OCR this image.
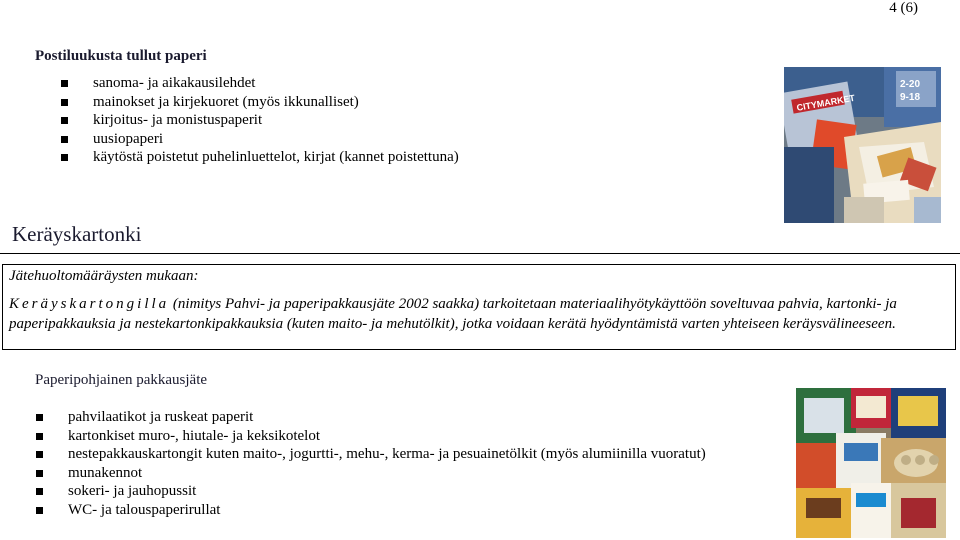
4 (6)
Postiluukusta tullut paperi
sanoma- ja aikakausilehdet
mainokset ja kirjekuoret (myös ikkunalliset)
kirjoitus- ja monistuspaperit
uusiopaperi
käytöstä poistetut puhelinluettelot, kirjat (kannet poistettuna)
CITYMARKET
2-20
9-18
Keräyskartonki
Jätehuoltomääräysten mukaan:
Keräyskartongilla (nimitys Pahvi- ja paperipakkausjäte 2002 saakka) tarkoitetaan materiaalihyötykäyttöön soveltuvaa pahvia, kartonki- ja paperipakkauksia ja nestekartonkipakkauksia (kuten maito- ja mehutölkit), jotka voidaan kerätä hyödyntämistä varten yhteiseen keräysvälineeseen.
Paperipohjainen pakkausjäte
pahvilaatikot ja ruskeat paperit
kartonkiset muro-, hiutale- ja keksikotelot
nestepakkauskartongit kuten maito-, jogurtti-, mehu-, kerma- ja pesuainetölkit (myös alumiinilla vuoratut)
munakennot
sokeri- ja jauhopussit
WC- ja talouspaperirullat
